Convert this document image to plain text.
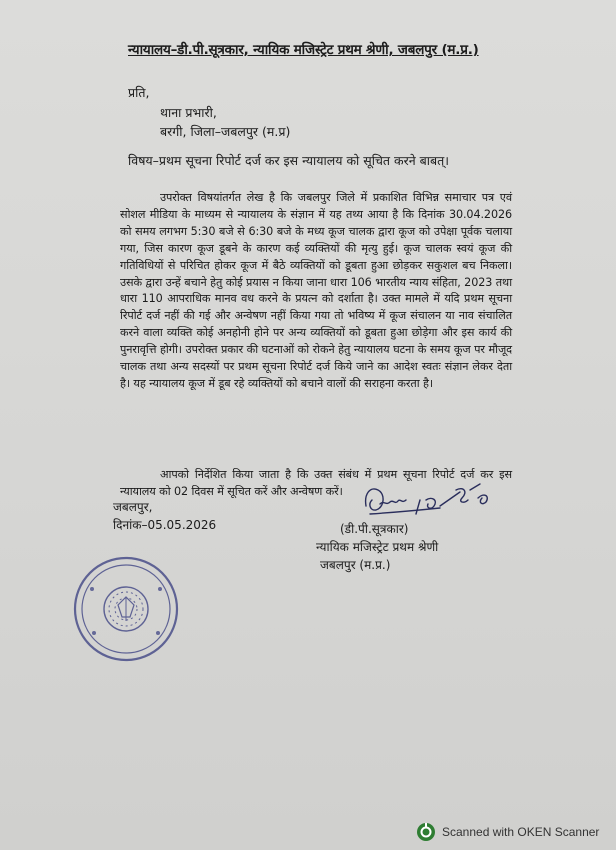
न्यायालय–डी.पी.सूत्रकार, न्यायिक मजिस्ट्रेट प्रथम श्रेणी, जबलपुर (म.प्र.)
प्रति,
थाना प्रभारी,
बरगी, जिला–जबलपुर (म.प्र)
विषय–प्रथम सूचना रिपोर्ट दर्ज कर इस न्यायालय को सूचित करने बाबत्।
उपरोक्त विषयांतर्गत लेख है कि जबलपुर जिले में प्रकाशित विभिन्न समाचार पत्र एवं सोशल मीडिया के माध्यम से न्यायालय के संज्ञान में यह तथ्य आया है कि दिनांक 30.04.2026 को समय लगभग 5:30 बजे से 6:30 बजे के मध्य कूज चालक द्वारा कूज को उपेक्षा पूर्वक चलाया गया, जिस कारण कूज डूबने के कारण कई व्यक्तियों की मृत्यु हुई। कूज चालक स्वयं कूज की गतिविधियों से परिचित होकर कूज में बैठे व्यक्तियों को डूबता हुआ छोड़कर सकुशल बच निकला। उसके द्वारा उन्हें बचाने हेतु कोई प्रयास न किया जाना धारा 106 भारतीय न्याय संहिता, 2023 तथा धारा 110 आपराधिक मानव वध करने के प्रयत्न को दर्शाता है। उक्त मामले में यदि प्रथम सूचना रिपोर्ट दर्ज नहीं की गई और अन्वेषण नहीं किया गया तो भविष्य में कूज संचालन या नाव संचालित करने वाला व्यक्ति कोई अनहोनी होने पर अन्य व्यक्तियों को डूबता हुआ छोड़ेगा और इस कार्य की पुनरावृत्ति होगी। उपरोक्त प्रकार की घटनाओं को रोकने हेतु न्यायालय घटना के समय कूज पर मौजूद चालक तथा अन्य सदस्यों पर प्रथम सूचना रिपोर्ट दर्ज किये जाने का आदेश स्वतः संज्ञान लेकर देता है। यह न्यायालय कूज में डूब रहे व्यक्तियों को बचाने वालों की सराहना करता है।
आपको निर्देशित किया जाता है कि उक्त संबंध में प्रथम सूचना रिपोर्ट दर्ज कर इस न्यायालय को 02 दिवस में सूचित करें और अन्वेषण करें।
जबलपुर,
दिनांक–05.05.2026	(डी.पी.सूत्रकार)
न्यायिक मजिस्ट्रेट प्रथम श्रेणी
जबलपुर (म.प्र.)
Scanned with OKEN Scanner
